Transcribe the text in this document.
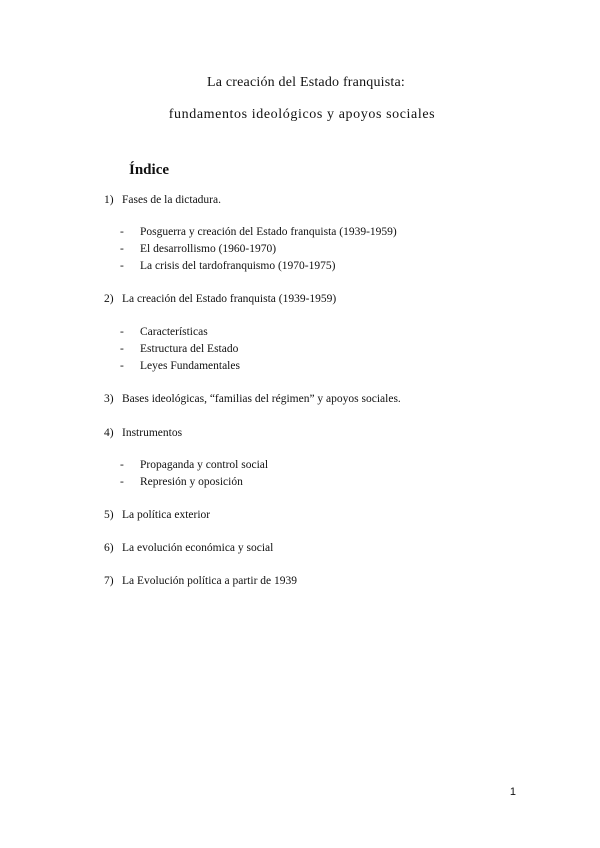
La creación del Estado franquista:
fundamentos ideológicos y apoyos sociales
Índice
1) Fases de la dictadura.
- Posguerra y creación del Estado franquista (1939-1959)
- El desarrollismo (1960-1970)
- La crisis del tardofranquismo (1970-1975)
2) La creación del Estado franquista (1939-1959)
- Características
- Estructura del Estado
- Leyes Fundamentales
3) Bases ideológicas, “familias del régimen” y apoyos sociales.
4) Instrumentos
- Propaganda y control social
- Represión y oposición
5) La política exterior
6) La evolución económica y social
7) La Evolución política a partir de 1939
1
